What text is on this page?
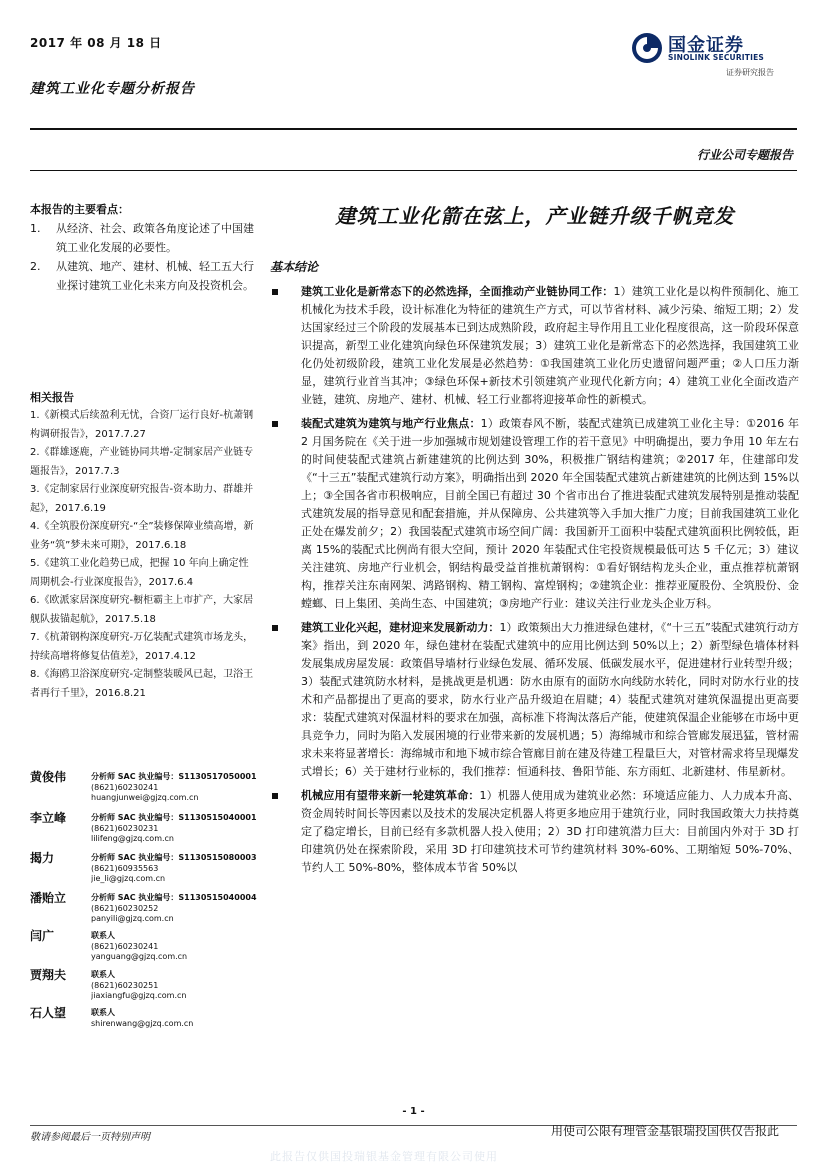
2017 年 08 月 18 日
建筑工业化专题分析报告
国金证券
SINOLINK SECURITIES
证券研究报告
行业公司专题报告
本报告的主要看点：
1.	从经济、社会、政策各角度论述了中国建筑工业化发展的必要性。
2.	从建筑、地产、建材、机械、轻工五大行业探讨建筑工业化未来方向及投资机会。
相关报告
1.《新模式后续盈利无忧，合资厂运行良好-杭萧钢构调研报告》，2017.7.27
2.《群雄逐鹿，产业链协同共增-定制家居产业链专题报告》，2017.7.3
3.《定制家居行业深度研究报告-资本助力、群雄并起》，2017.6.19
4.《全筑股份深度研究-“全”装修保障业绩高增，新业务“筑”梦未来可期》，2017.6.18
5.《建筑工业化趋势已成，把握 10 年向上确定性周期机会-行业深度报告》，2017.6.4
6.《欧派家居深度研究-橱柜霸主上市扩产，大家居舰队拔锚起航》，2017.5.18
7.《杭萧钢构深度研究-万亿装配式建筑市场龙头，持续高增将修复估值差》，2017.4.12
8.《海鸥卫浴深度研究-定制整装暖风已起，卫浴王者再行千里》，2016.8.21
黄俊伟	分析师 SAC 执业编号：S1130517050001
(8621)60230241
huangjunwei@gjzq.com.cn
李立峰	分析师 SAC 执业编号：S1130515040001
(8621)60230231
lilifeng@gjzq.com.cn
揭力	分析师 SAC 执业编号：S1130515080003
(8621)60935563
jie_li@gjzq.com.cn
潘贻立	分析师 SAC 执业编号：S1130515040004
(8621)60230252
panyili@gjzq.com.cn
闫广	联系人
(8621)60230241
yanguang@gjzq.com.cn
贾翔夫	联系人
(8621)60230251
jiaxiangfu@gjzq.com.cn
石人望	联系人
shirenwang@gjzq.com.cn
建筑工业化箭在弦上，产业链升级千帆竞发
基本结论
建筑工业化是新常态下的必然选择，全面推动产业链协同工作：1）建筑工业化是以构件预制化、施工机械化为技术手段，设计标准化为特征的建筑生产方式，可以节省材料、减少污染、缩短工期；2）发达国家经过三个阶段的发展基本已到达成熟阶段，政府起主导作用且工业化程度很高，这一阶段环保意识提高，新型工业化建筑向绿色环保建筑发展；3）建筑工业化是新常态下的必然选择，我国建筑工业化仍处初级阶段，建筑工业化发展是必然趋势：①我国建筑工业化历史遗留问题严重；②人口压力渐显，建筑行业首当其冲；③绿色环保+新技术引领建筑产业现代化新方向；4）建筑工业化全面改造产业链，建筑、房地产、建材、机械、轻工行业都将迎接革命性的新模式。
装配式建筑为建筑与地产行业焦点：1）政策春风不断，装配式建筑已成建筑工业化主导：①2016 年 2 月国务院在《关于进一步加强城市规划建设管理工作的若干意见》中明确提出，要力争用 10 年左右的时间使装配式建筑占新建建筑的比例达到 30%，积极推广钢结构建筑；②2017 年，住建部印发《“十三五”装配式建筑行动方案》，明确指出到 2020 年全国装配式建筑占新建建筑的比例达到 15%以上；③全国各省市积极响应，目前全国已有超过 30 个省市出台了推进装配式建筑发展特别是推动装配式建筑发展的指导意见和配套措施，并从保障房、公共建筑等入手加大推广力度；目前我国建筑工业化正处在爆发前夕；2）我国装配式建筑市场空间广阔：我国新开工面积中装配式建筑面积比例较低，距离 15%的装配式比例尚有很大空间，预计 2020 年装配式住宅投资规模最低可达 5 千亿元；3）建议关注建筑、房地产行业机会，钢结构最受益首推杭萧钢构：①看好钢结构龙头企业，重点推荐杭萧钢构，推荐关注东南网架、鸿路钢构、精工钢构、富煌钢构；②建筑企业：推荐亚厦股份、全筑股份、金螳螂、日上集团、美尚生态、中国建筑；③房地产行业：建议关注行业龙头企业万科。
建筑工业化兴起，建材迎来发展新动力：1）政策频出大力推进绿色建材，《“十三五”装配式建筑行动方案》指出，到 2020 年，绿色建材在装配式建筑中的应用比例达到 50%以上；2）新型绿色墙体材料发展集成房屋发展：政策倡导墙材行业绿色发展、循环发展、低碳发展水平，促进建材行业转型升级；3）装配式建筑防水材料，是挑战更是机遇：防水由原有的面防水向线防水转化，同时对防水行业的技术和产品都提出了更高的要求，防水行业产品升级迫在眉睫；4）装配式建筑对建筑保温提出更高要求：装配式建筑对保温材料的要求在加强，高标准下将淘汰落后产能，使建筑保温企业能够在市场中更具竞争力，同时为陷入发展困境的行业带来新的发展机遇；5）海绵城市和综合管廊发展迅猛，管材需求未来将显著增长：海绵城市和地下城市综合管廊目前在建及待建工程量巨大，对管材需求将呈现爆发式增长；6）关于建材行业标的，我们推荐：恒通科技、鲁阳节能、东方雨虹、北新建材、伟星新材。
机械应用有望带来新一轮建筑革命：1）机器人使用成为建筑业必然：环境适应能力、人力成本升高、资金周转时间长等因素以及技术的发展决定机器人将更多地应用于建筑行业，同时我国政策大力扶持奠定了稳定增长，目前已经有多款机器人投入使用；2）3D 打印建筑潜力巨大：目前国内外对于 3D 打印建筑仍处在探索阶段，采用 3D 打印建筑技术可节约建筑材料 30%-60%、工期缩短 50%-70%、节约人工 50%-80%，整体成本节省 50%以
- 1 -
敬请参阅最后一页特别声明	用使司公限有理管金基银瑞投国供仅告报此
此报告仅供国投瑞银基金管理有限公司使用
